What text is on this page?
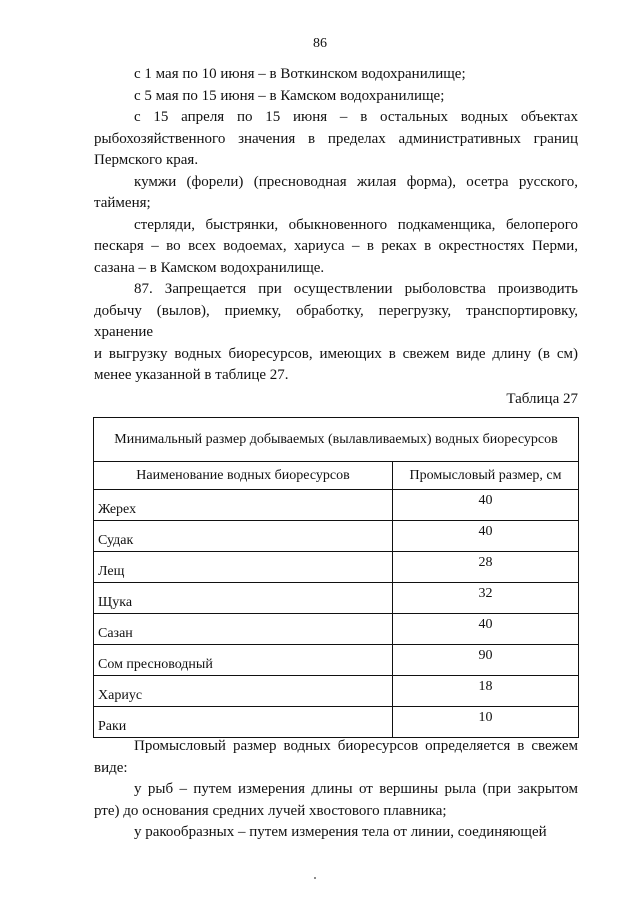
86

с 1 мая по 10 июня – в Воткинском водохранилище;

с 5 мая по 15 июня – в Камском водохранилище;

с 15 апреля по 15 июня – в остальных водных объектах рыбохозяйственного значения в пределах административных границ Пермского края.

кумжи (форели) (пресноводная жилая форма), осетра русского, тайменя;

стерляди, быстрянки, обыкновенного подкаменщика, белоперого пескаря – во всех водоемах, хариуса – в реках в окрестностях Перми, сазана – в Камском водохранилище.

87. Запрещается при осуществлении рыболовства производить добычу (вылов), приемку, обработку, перегрузку, транспортировку, хранение

и выгрузку водных биоресурсов, имеющих в свежем виде длину (в см) менее указанной в таблице 27.

Таблица 27

Минимальный размер добываемых (вылавливаемых) водных биоресурсов	
Наименование водных биоресурсов	Промысловый размер, см
Жерех	40
Судак	40
Лещ	28
Щука	32
Сазан	40
Сом пресноводный	90
Хариус	18
Раки	10

Промысловый размер водных биоресурсов определяется в свежем виде:

у рыб – путем измерения длины от вершины рыла (при закрытом рте) до основания средних лучей хвостового плавника;

у ракообразных – путем измерения тела от линии, соединяющей
